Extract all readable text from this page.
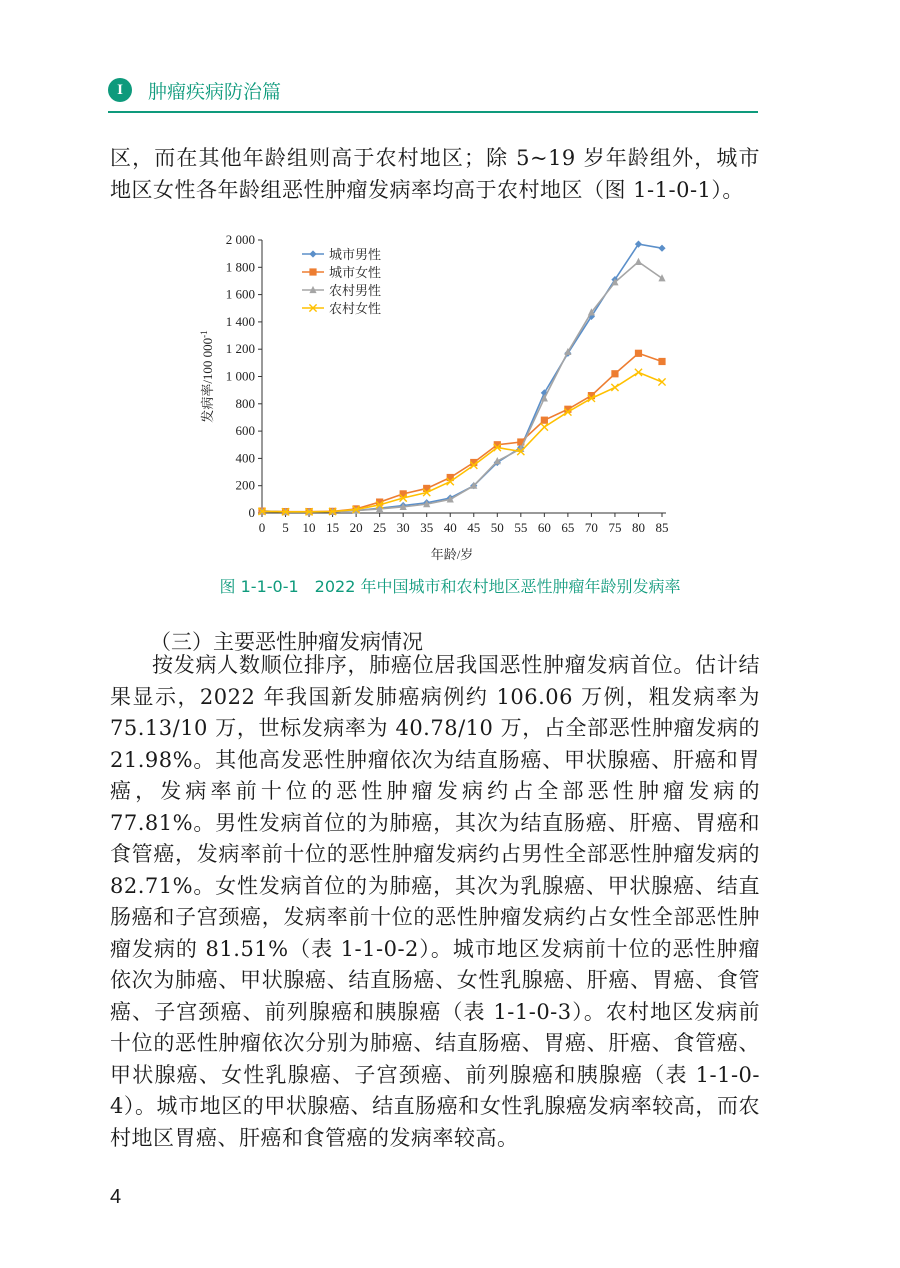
I	肿瘤疾病防治篇

区，而在其他年龄组则高于农村地区；除 5~19 岁年龄组外，城市地区女性各年龄组恶性肿瘤发病率均高于农村地区（图 1-1-0-1）。

0
200
400
600
800
1 000
1 200
1 400
1 600
1 800
2 000
0 5 10 15 20 25 30 35 40 45 50 55 60 65 70 75 80 85
年龄/岁
发病率/100 $000^{-1}$
城市男性
城市女性
农村男性
农村女性
图 1-1-0-1　2022 年中国城市和农村地区恶性肿瘤年龄别发病率
（三）主要恶性肿瘤发病情况

按发病人数顺位排序，肺癌位居我国恶性肿瘤发病首位。估计结果显示，2022 年我国新发肺癌病例约 106.06 万例，粗发病率为 75.13/10 万，世标发病率为 40.78/10 万，占全部恶性肿瘤发病的 21.98%。其他高发恶性肿瘤依次为结直肠癌、甲状腺癌、肝癌和胃癌，发病率前十位的恶性肿瘤发病约占全部恶性肿瘤发病的 77.81%。男性发病首位的为肺癌，其次为结直肠癌、肝癌、胃癌和食管癌，发病率前十位的恶性肿瘤发病约占男性全部恶性肿瘤发病的 82.71%。女性发病首位的为肺癌，其次为乳腺癌、甲状腺癌、结直肠癌和子宫颈癌，发病率前十位的恶性肿瘤发病约占女性全部恶性肿瘤发病的 81.51%（表 1-1-0-2）。城市地区发病前十位的恶性肿瘤依次为肺癌、甲状腺癌、结直肠癌、女性乳腺癌、肝癌、胃癌、食管癌、子宫颈癌、前列腺癌和胰腺癌（表 1-1-0-3）。农村地区发病前十位的恶性肿瘤依次分别为肺癌、结直肠癌、胃癌、肝癌、食管癌、甲状腺癌、女性乳腺癌、子宫颈癌、前列腺癌和胰腺癌（表 1-1-0-4）。城市地区的甲状腺癌、结直肠癌和女性乳腺癌发病率较高，而农村地区胃癌、肝癌和食管癌的发病率较高。

4
